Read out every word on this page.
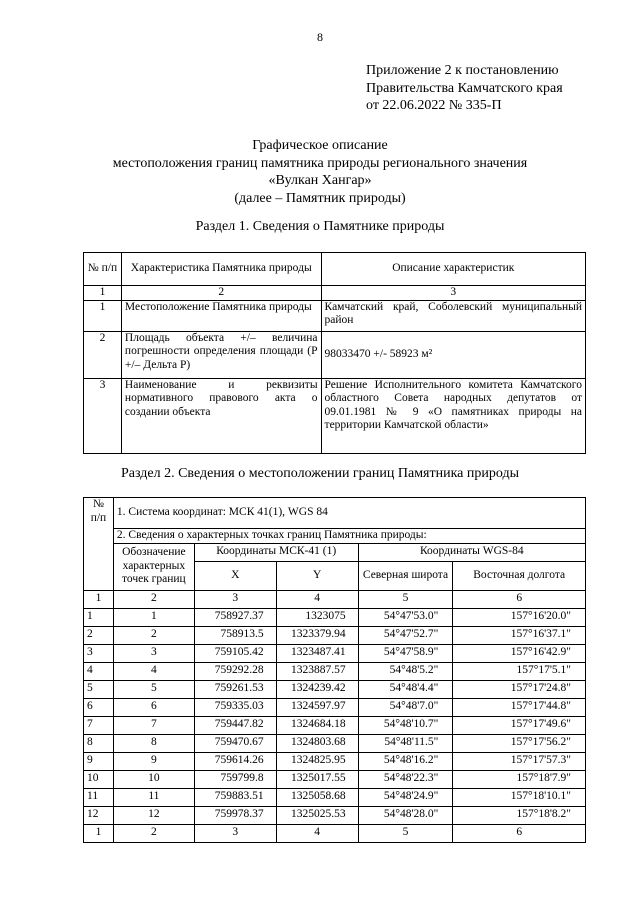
8
Приложение 2 к постановлению
Правительства Камчатского края
от 22.06.2022 № 335-П
Графическое описание
местоположения границ памятника природы регионального значения
«Вулкан Хангар»
(далее – Памятник природы)
Раздел 1. Сведения о Памятнике природы
№ п/п	Характеристика Памятника природы	Описание характеристик
1	2	3
1	Местоположение Памятника природы	Камчатский край, Соболевский муниципальный район
2	Площадь объекта +/– величина погрешности определения площади (Р +/– Дельта Р)	98033470 +/- 58923 м²
3	Наименование и реквизиты нормативного правового акта о создании объекта	Решение Исполнительного комитета Камчатского областного Совета народных депутатов от 09.01.1981 № 9 «О памятниках природы на территории Камчатской области»
Раздел 2. Сведения о местоположении границ Памятника природы
№ п/п	1. Система координат: МСК 41(1), WGS 84				
	2. Сведения о характерных точках границ Памятника природы:				
	Обозначение характерных точек границ	Координаты МСК-41 (1)		Координаты WGS-84	
		X	Y	Северная широта	Восточная долгота
1	2	3	4	5	6
1	1	758927.37	1323075	54°47'53.0"	157°16'20.0"
2	2	758913.5	1323379.94	54°47'52.7"	157°16'37.1"
3	3	759105.42	1323487.41	54°47'58.9"	157°16'42.9"
4	4	759292.28	1323887.57	54°48'5.2"	157°17'5.1"
5	5	759261.53	1324239.42	54°48'4.4"	157°17'24.8"
6	6	759335.03	1324597.97	54°48'7.0"	157°17'44.8"
7	7	759447.82	1324684.18	54°48'10.7"	157°17'49.6"
8	8	759470.67	1324803.68	54°48'11.5"	157°17'56.2"
9	9	759614.26	1324825.95	54°48'16.2"	157°17'57.3"
10	10	759799.8	1325017.55	54°48'22.3"	157°18'7.9"
11	11	759883.51	1325058.68	54°48'24.9"	157°18'10.1"
12	12	759978.37	1325025.53	54°48'28.0"	157°18'8.2"
1	2	3	4	5	6
